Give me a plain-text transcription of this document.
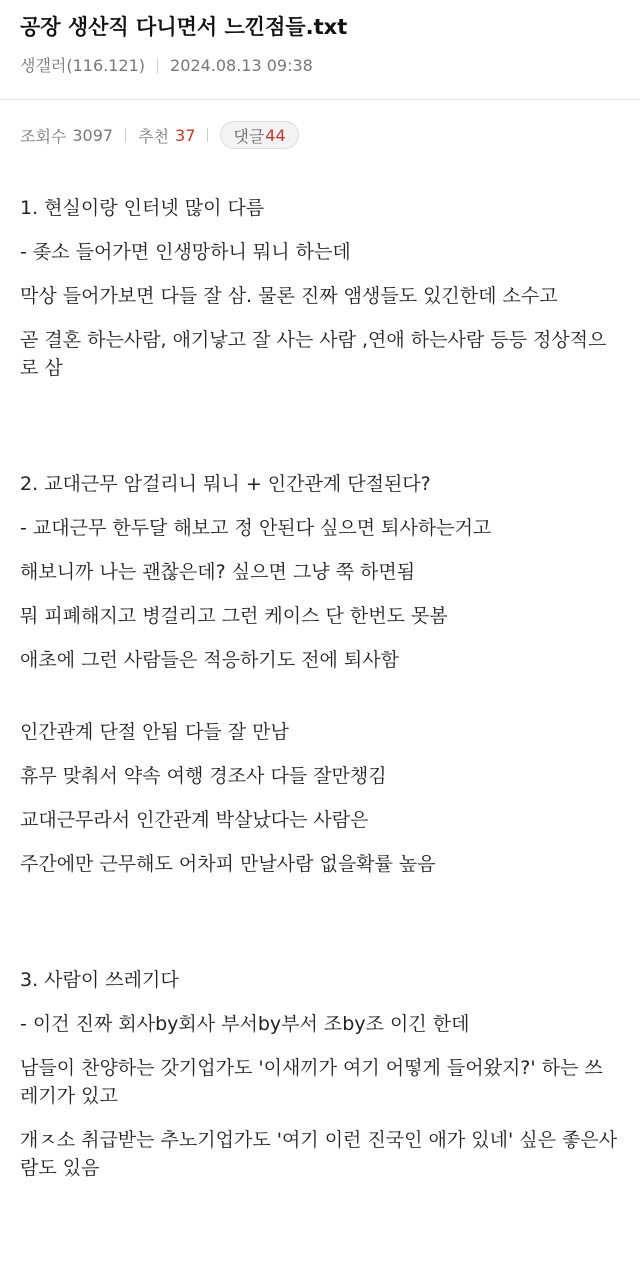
공장 생산직 다니면서 느낀점들.txt
생갤러(116.121) 2024.08.13 09:38
조회수 3097 추천 37 댓글 44

1. 현실이랑 인터넷 많이 다름

- 좆소 들어가면 인생망하니 뭐니 하는데

막상 들어가보면 다들 잘 삼. 물론 진짜 앰생들도 있긴한데 소수고

곧 결혼 하는사람, 애기낳고 잘 사는 사람 ,연애 하는사람 등등 정상적으로 삼

2. 교대근무 암걸리니 뭐니 + 인간관계 단절된다?

- 교대근무 한두달 해보고 정 안된다 싶으면 퇴사하는거고

해보니까 나는 괜찮은데? 싶으면 그냥 쭉 하면됨

뭐 피폐해지고 병걸리고 그런 케이스 단 한번도 못봄

애초에 그런 사람들은 적응하기도 전에 퇴사함

인간관계 단절 안됨 다들 잘 만남

휴무 맞춰서 약속 여행 경조사 다들 잘만챙김

교대근무라서 인간관계 박살났다는 사람은

주간에만 근무해도 어차피 만날사람 없을확률 높음

3. 사람이 쓰레기다

- 이건 진짜 회사by회사 부서by부서 조by조 이긴 한데

남들이 찬양하는 갓기업가도 '이새끼가 여기 어떻게 들어왔지?' 하는 쓰레기가 있고

개ㅈ소 취급받는 추노기업가도 '여기 이런 진국인 애가 있네' 싶은 좋은사람도 있음
